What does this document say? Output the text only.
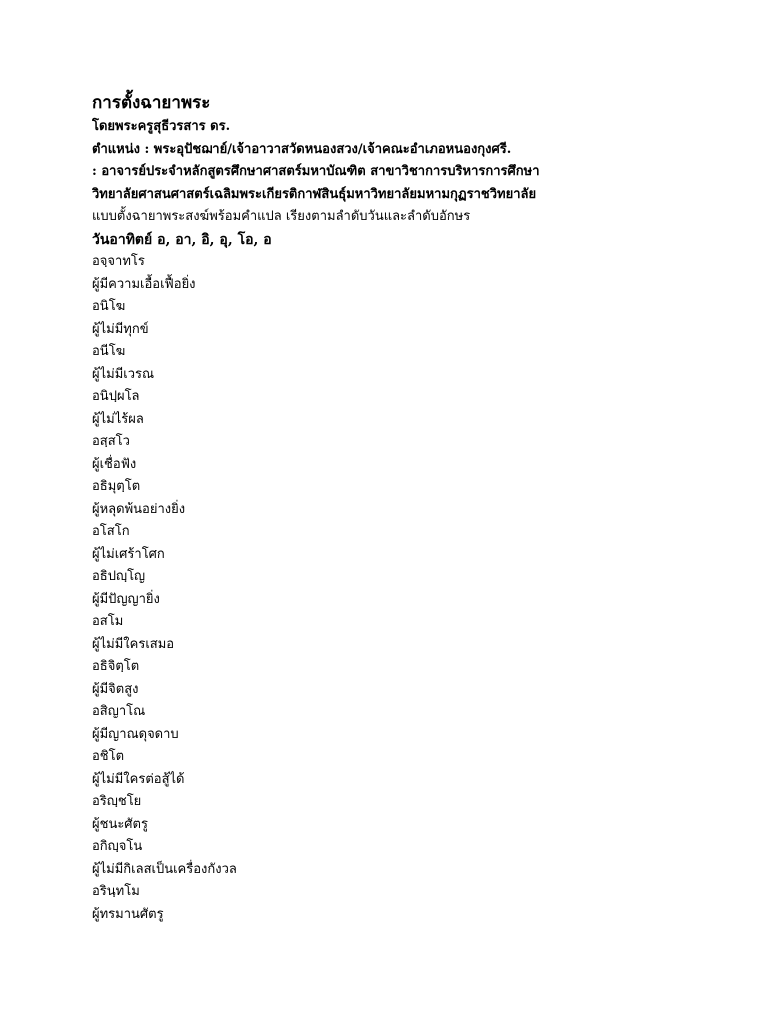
การตั้งฉายาพระ
โดยพระครูสุธีวรสาร ดร.
ตำแหน่ง : พระอุปัชฌาย์/เจ้าอาวาสวัดหนองสวง/เจ้าคณะอำเภอหนองกุงศรี.
: อาจารย์ประจำหลักสูตรศึกษาศาสตร์มหาบัณฑิต สาขาวิชาการบริหารการศึกษา
วิทยาลัยศาสนศาสตร์เฉลิมพระเกียรติกาฬสินธุ์มหาวิทยาลัยมหามกุฏราชวิทยาลัย
แบบตั้งฉายาพระสงฆ์พร้อมคำแปล เรียงตามลำดับวันและลำดับอักษร
วันอาทิตย์ อ, อา, อิ, อุ, โอ, อ
อจฺจาทโร
ผู้มีความเอื้อเฟื้อยิ่ง
อนิโฆ
ผู้ไม่มีทุกข์
อนีโฆ
ผู้ไม่มีเวรณ
อนิปฺผโล
ผู้ไม่ไร้ผล
อสฺสโว
ผู้เชื่อฟัง
อธิมุตฺโต
ผู้หลุดพ้นอย่างยิ่ง
อโสโก
ผู้ไม่เศร้าโศก
อธิปญฺโญ
ผู้มีปัญญายิ่ง
อสโม
ผู้ไม่มีใครเสมอ
อธิจิตฺโต
ผู้มีจิตสูง
อสิญาโณ
ผู้มีญาณดุจดาบ
อชิโต
ผู้ไม่มีใครต่อสู้ได้
อริญฺชโย
ผู้ชนะศัตรู
อกิญฺจโน
ผู้ไม่มีกิเลสเป็นเครื่องกังวล
อรินฺทโม
ผู้ทรมานศัตรู
